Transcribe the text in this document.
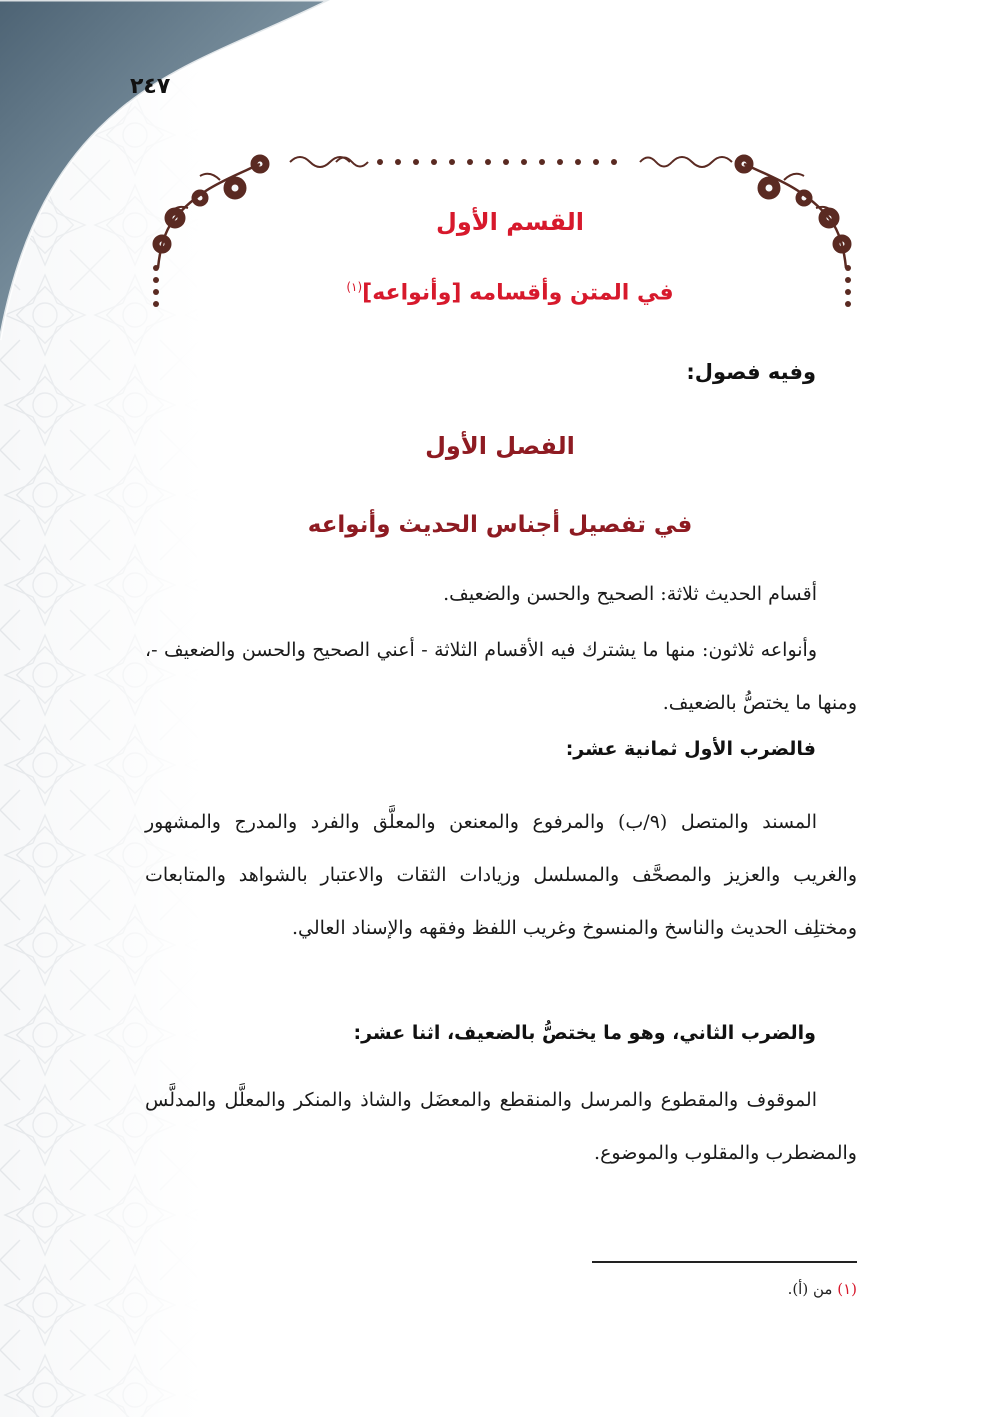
٢٤٧
القسم الأول
في المتن وأقسامه [وأنواعه]$^{(١)}$
وفيه فصول:
الفصل الأول
في تفصيل أجناس الحديث وأنواعه
أقسام الحديث ثلاثة: الصحيح والحسن والضعيف.
وأنواعه ثلاثون: منها ما يشترك فيه الأقسام الثلاثة - أعني الصحيح والحسن والضعيف -، ومنها ما يختصُّ بالضعيف.
فالضرب الأول ثمانية عشر:
المسند والمتصل (٩/ب) والمرفوع والمعنعن والمعلَّق والفرد والمدرج والمشهور والغريب والعزيز والمصحَّف والمسلسل وزيادات الثقات والاعتبار بالشواهد والمتابعات ومختلِف الحديث والناسخ والمنسوخ وغريب اللفظ وفقهه والإسناد العالي.
والضرب الثاني، وهو ما يختصُّ بالضعيف، اثنا عشر:
الموقوف والمقطوع والمرسل والمنقطع والمعضَل والشاذ والمنكر والمعلَّل والمدلَّس والمضطرب والمقلوب والموضوع.
(١) من (أ).
